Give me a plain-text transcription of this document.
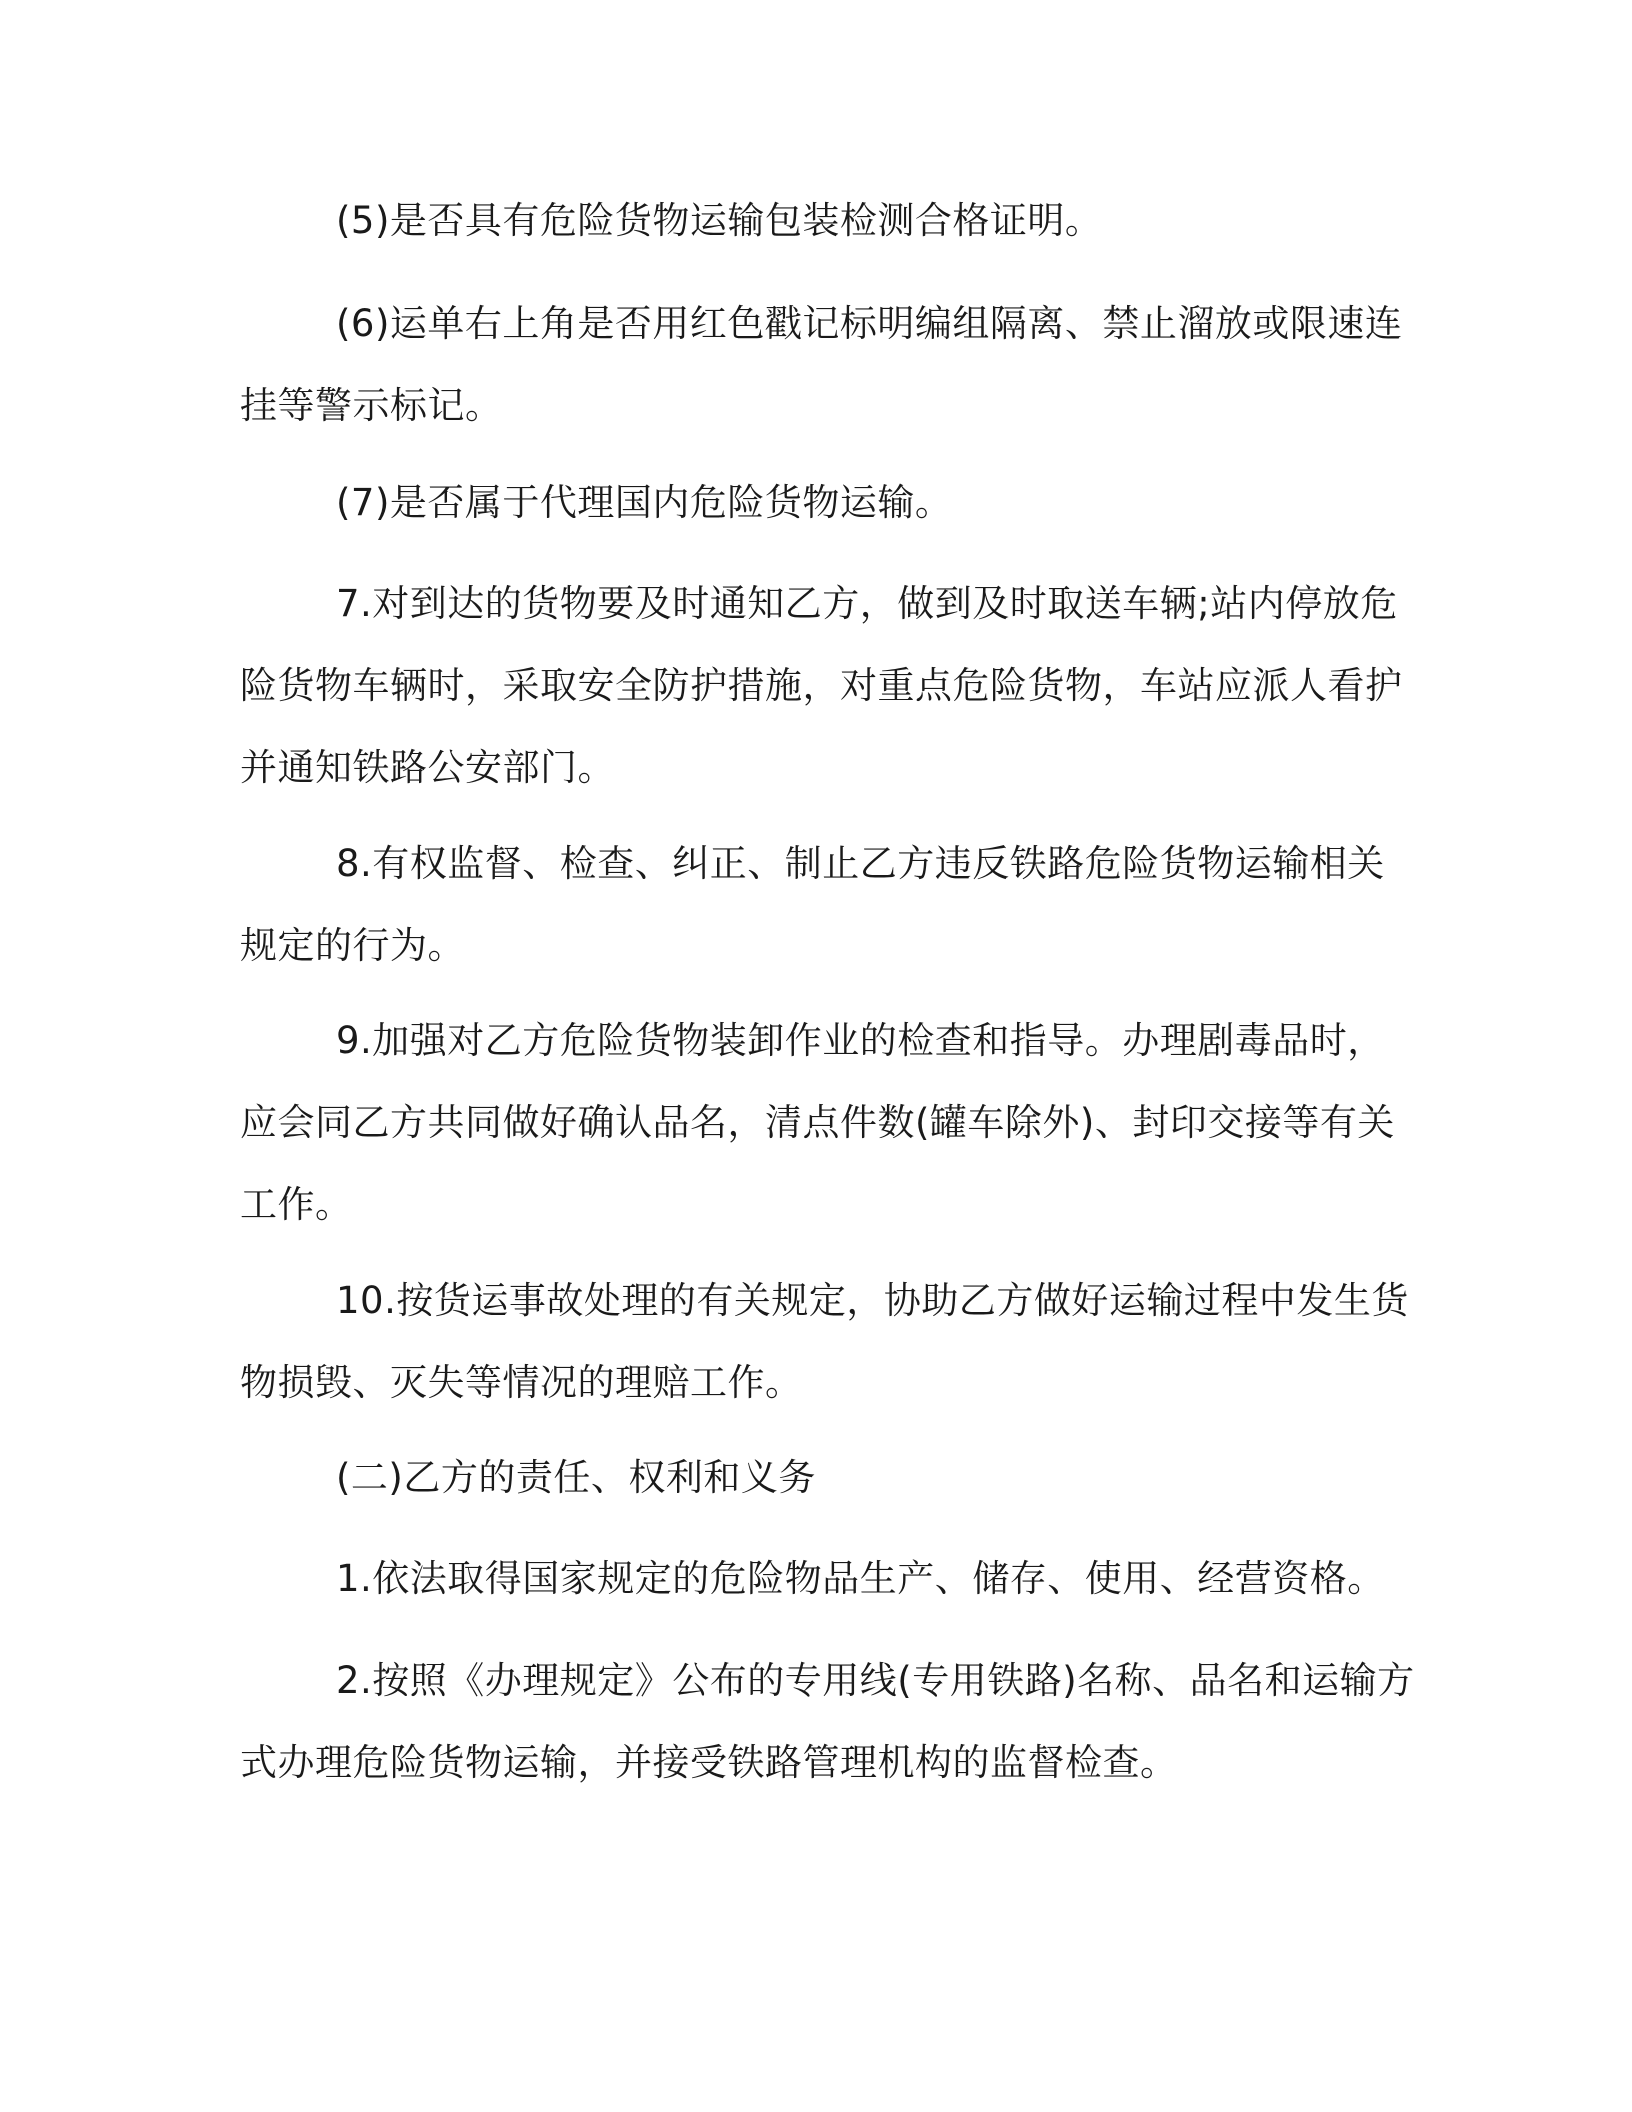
(5)是否具有危险货物运输包装检测合格证明。

(6)运单右上角是否用红色戳记标明编组隔离、禁止溜放或限速连挂等警示标记。

(7)是否属于代理国内危险货物运输。

7.对到达的货物要及时通知乙方，做到及时取送车辆;站内停放危险货物车辆时，采取安全防护措施，对重点危险货物，车站应派人看护并通知铁路公安部门。

8.有权监督、检查、纠正、制止乙方违反铁路危险货物运输相关规定的行为。

9.加强对乙方危险货物装卸作业的检查和指导。办理剧毒品时，应会同乙方共同做好确认品名，清点件数(罐车除外)、封印交接等有关工作。

10.按货运事故处理的有关规定，协助乙方做好运输过程中发生货物损毁、灭失等情况的理赔工作。

(二)乙方的责任、权利和义务

1.依法取得国家规定的危险物品生产、储存、使用、经营资格。

2.按照《办理规定》公布的专用线(专用铁路)名称、品名和运输方式办理危险货物运输，并接受铁路管理机构的监督检查。
